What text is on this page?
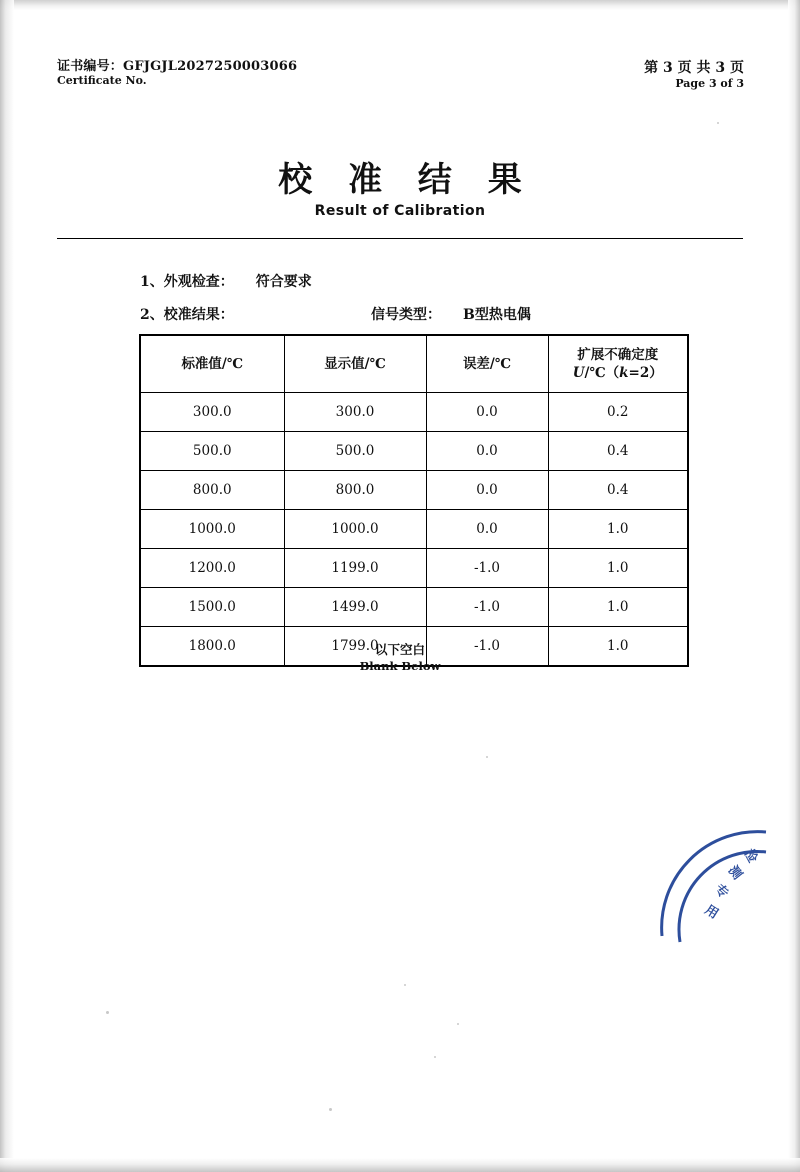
证书编号：GFJGJL2027250003066
Certificate No.
第 3 页 共 3 页
Page 3 of 3
校 准 结 果
Result of Calibration
1、外观检查： 符合要求
2、校准结果：	信号类型： B型热电偶
标准值/℃	显示值/℃	误差/℃	扩展不确定度
U/℃（k=2）
300.0	300.0	0.0	0.2
500.0	500.0	0.0	0.4
800.0	800.0	0.0	0.4
1000.0	1000.0	0.0	1.0
1200.0	1199.0	-1.0	1.0
1500.0	1499.0	-1.0	1.0
1800.0	1799.0	-1.0	1.0
以下空白
Blank Below
检
测
专
用
